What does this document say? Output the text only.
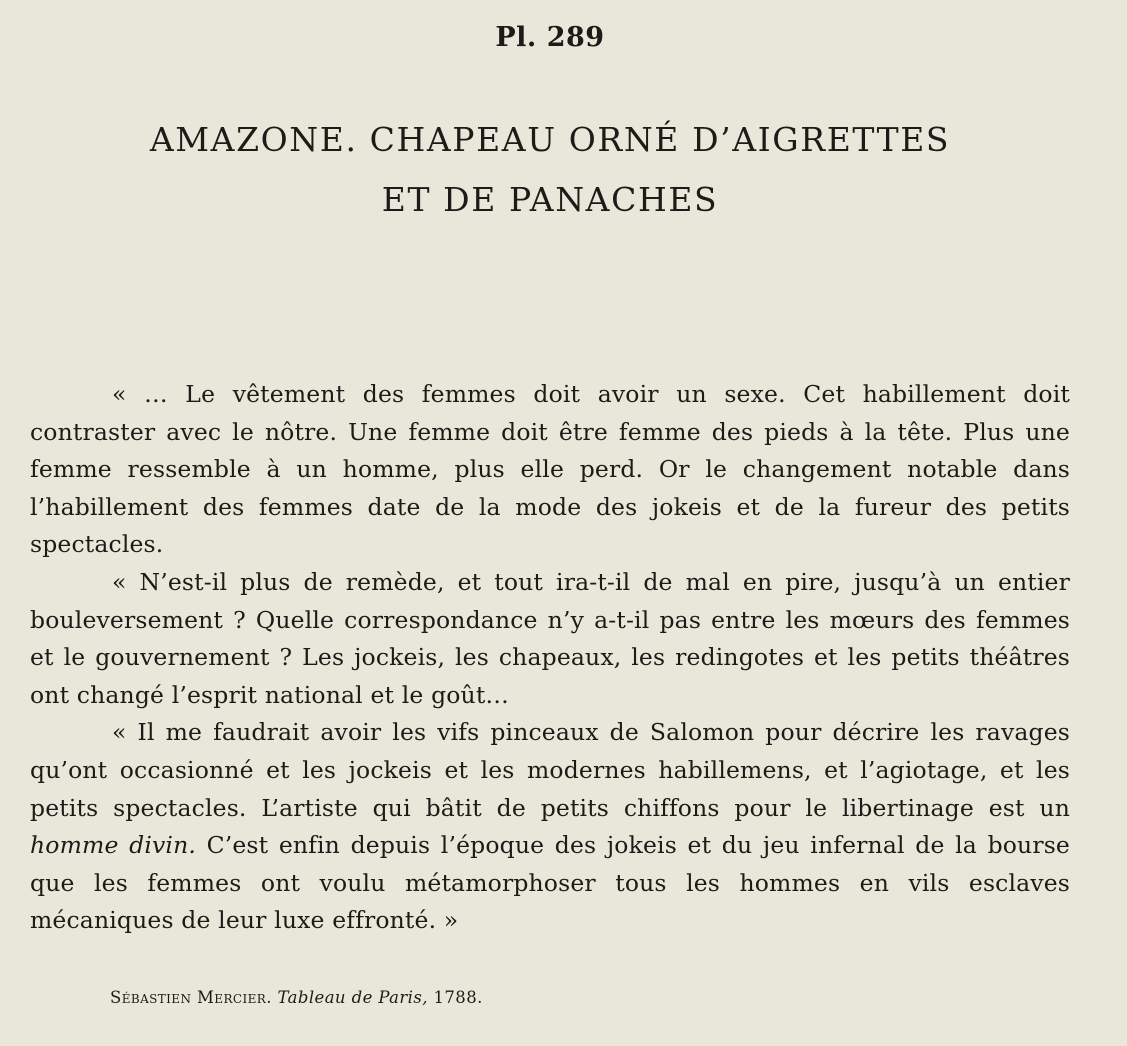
Pl. 289
AMAZONE. CHAPEAU ORNÉ D’AIGRETTES
ET DE PANACHES

« … Le vêtement des femmes doit avoir un sexe. Cet habillement doit contraster avec le nôtre. Une femme doit être femme des pieds à la tête. Plus une femme ressemble à un homme, plus elle perd. Or le changement notable dans l’habillement des femmes date de la mode des jokeis et de la fureur des petits spectacles.

« N’est-il plus de remède, et tout ira-t-il de mal en pire, jusqu’à un entier bouleversement ? Quelle correspondance n’y a-t-il pas entre les mœurs des femmes et le gouvernement ? Les jockeis, les chapeaux, les redingotes et les petits théâtres ont changé l’esprit national et le goût…

« Il me faudrait avoir les vifs pinceaux de Salomon pour décrire les ravages qu’ont occasionné et les jockeis et les modernes habillemens, et l’agiotage, et les petits spectacles. L’artiste qui bâtit de petits chiffons pour le libertinage est un homme divin. C’est enfin depuis l’époque des jokeis et du jeu infernal de la bourse que les femmes ont voulu métamorphoser tous les hommes en vils esclaves mécaniques de leur luxe effronté. »

Sébastien Mercier. Tableau de Paris, 1788.
